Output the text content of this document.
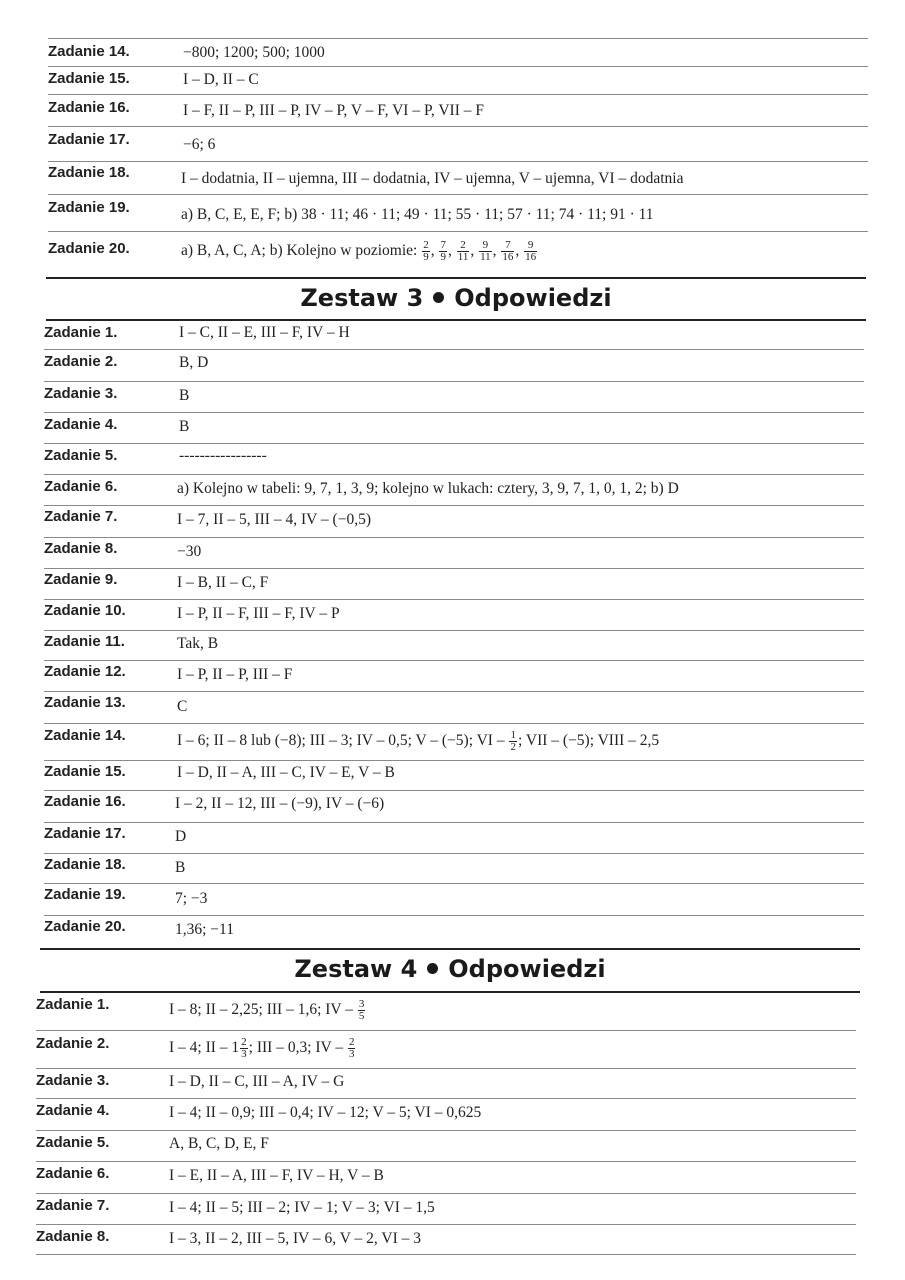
Zadanie 14.	−800; 1200; 500; 1000
Zadanie 15.	I – D, II – C
Zadanie 16.	I – F, II – P, III – P, IV – P, V – F, VI – P, VII – F
Zadanie 17.	−6; 6
Zadanie 18.	I – dodatnia, II – ujemna, III – dodatnia, IV – ujemna, V – ujemna, VI – dodatnia
Zadanie 19.	a) B, C, E, E, F; b) 38 · 11; 46 · 11; 49 · 11; 55 · 11; 57 · 11; 74 · 11; 91 · 11
Zadanie 20.	a) B, A, C, A; b) Kolejno w poziomie: $\frac{2}{9}$ , $\frac{7}{9}$ , $\frac{2}{11}$ , $\frac{9}{11}$ , $\frac{7}{16}$ , $\frac{9}{16}$
Zestaw 3 Odpowiedzi
Zadanie 1.	I – C, II – E, III – F, IV – H
Zadanie 2.	B, D
Zadanie 3.	B
Zadanie 4.	B
Zadanie 5.	-----------------
Zadanie 6.	a) Kolejno w tabeli: 9, 7, 1, 3, 9; kolejno w lukach: cztery, 3, 9, 7, 1, 0, 1, 2; b) D
Zadanie 7.	I – 7, II – 5, III – 4, IV – (−0,5)
Zadanie 8.	−30
Zadanie 9.	I – B, II – C, F
Zadanie 10.	I – P, II – F, III – F, IV – P
Zadanie 11.	Tak, B
Zadanie 12.	I – P, II – P, III – F
Zadanie 13.	C
Zadanie 14.	I – 6; II – 8 lub (−8); III – 3; IV – 0,5; V – (−5); VI – $\frac{1}{2}$ ; VII – (−5); VIII – 2,5
Zadanie 15.	I – D, II – A, III – C, IV – E, V – B
Zadanie 16.	I – 2, II – 12, III – (−9), IV – (−6)
Zadanie 17.	D
Zadanie 18.	B
Zadanie 19.	7; −3
Zadanie 20.	1,36; −11
Zestaw 4 Odpowiedzi
Zadanie 1.	I – 8; II – 2,25; III – 1,6; IV – $\frac{3}{5}$
Zadanie 2.	I – 4; II – $1 \frac{2}{3}$ ; III – 0,3; IV – $\frac{2}{3}$
Zadanie 3.	I – D, II – C, III – A, IV – G
Zadanie 4.	I – 4; II – 0,9; III – 0,4; IV – 12; V – 5; VI – 0,625
Zadanie 5.	A, B, C, D, E, F
Zadanie 6.	I – E, II – A, III – F, IV – H, V – B
Zadanie 7.	I – 4; II – 5; III – 2; IV – 1; V – 3; VI – 1,5
Zadanie 8.	I – 3, II – 2, III – 5, IV – 6, V – 2, VI – 3
